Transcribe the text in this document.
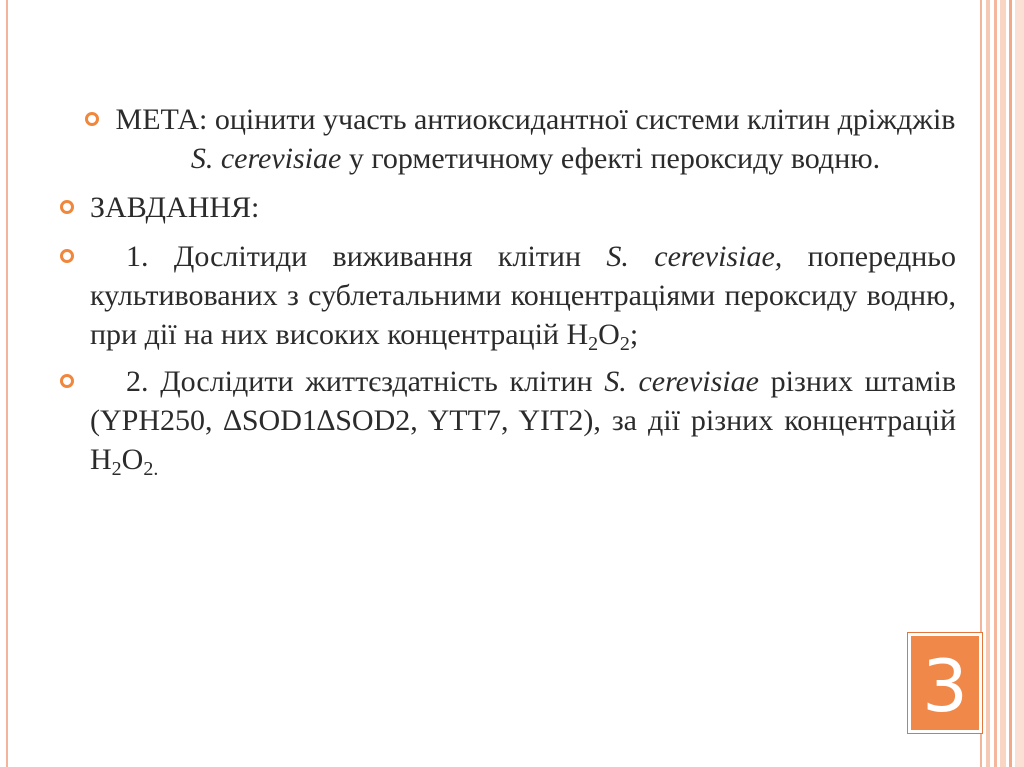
МЕТА: оцінити участь антиоксидантної системи клітин дріжджів S. cerevisiae у горметичному ефекті пероксиду водню.
ЗАВДАННЯ:
1. Дослітиди виживання клітин S. cerevisiae, попередньо культивованих з сублетальними концентраціями пероксиду водню, при дії на них високих концентрацій $H_2O_2$;
2. Дослідити життєздатність клітин S. cerevisiae різних штамів (YPH250, ∆SOD1∆SOD2, YTT7, YIT2), за дії різних концентрацій $H_2O_{2.}$
3
